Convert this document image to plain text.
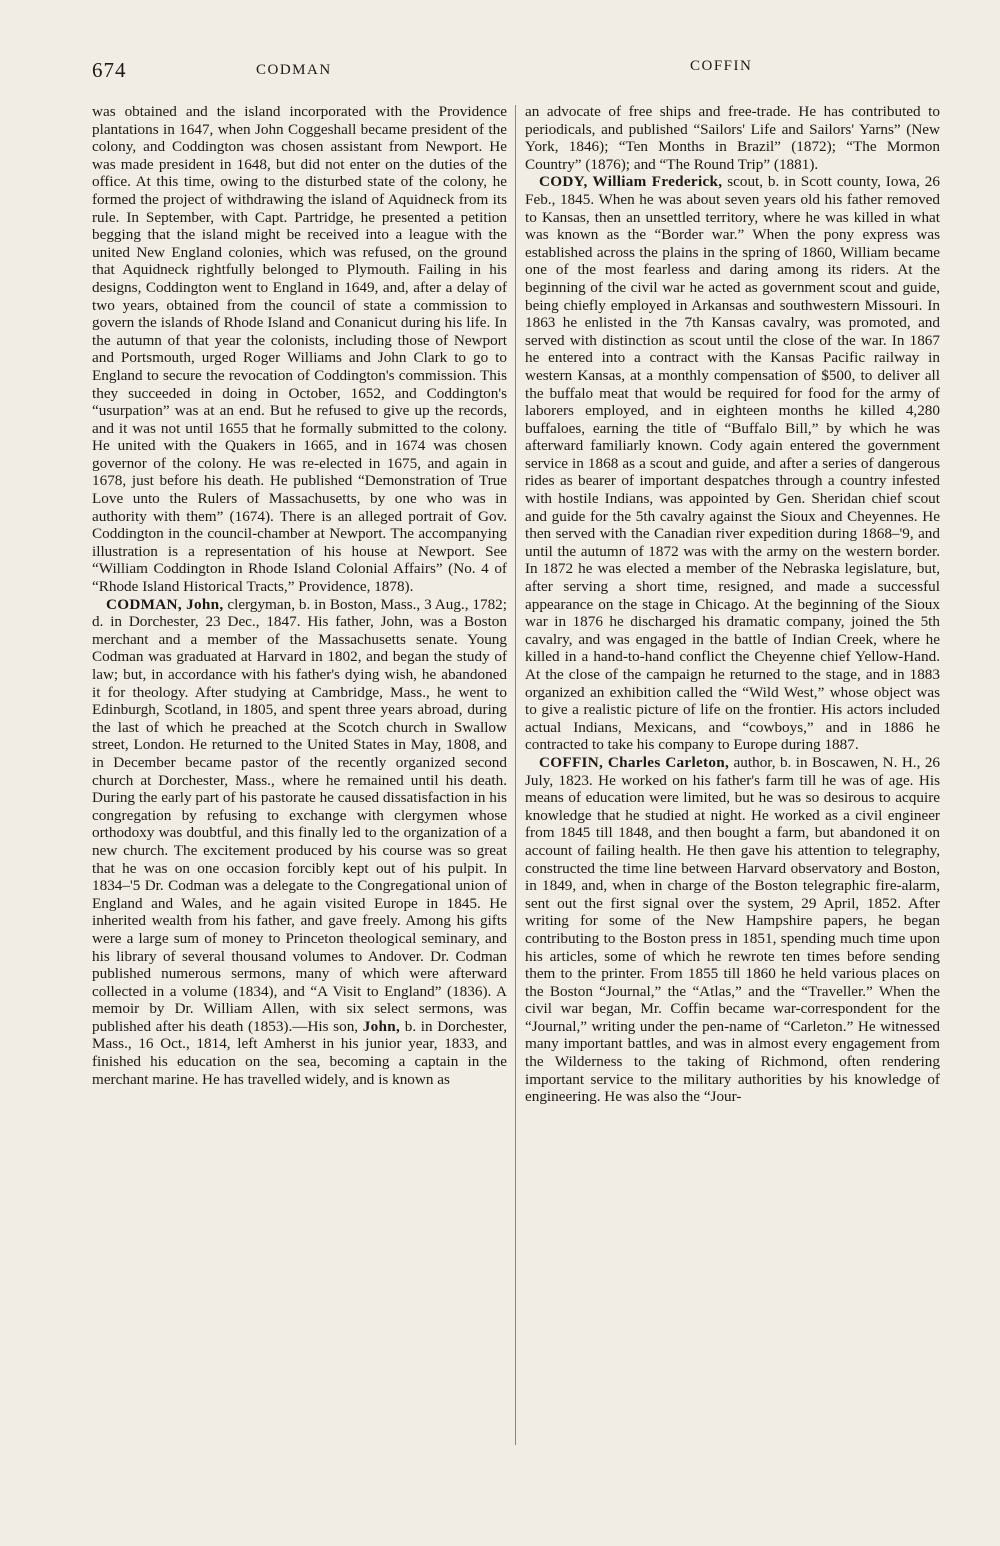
674	CODMAN	COFFIN

was obtained and the island incorporated with the Providence plantations in 1647, when John Coggeshall became president of the colony, and Coddington was chosen assistant from Newport. He was made president in 1648, but did not enter on the duties of the office. At this time, owing to the disturbed state of the colony, he formed the project of withdrawing the island of Aquidneck from its rule. In September, with Capt. Partridge, he presented a petition begging that the island might be received into a league with the united New England colonies, which was refused, on the ground that Aquidneck rightfully belonged to Plymouth. Failing in his designs, Coddington went to England in 1649, and, after a delay of two years, obtained from the council of state a commission to govern the islands of Rhode Island and Conanicut during his life. In the autumn of that year the colonists, including those of Newport and Portsmouth, urged Roger Williams and John Clark to go to England to secure the revocation of Coddington's commission. This they succeeded in doing in October, 1652, and Coddington's “usurpation” was at an end. But he refused to give up the records, and it was not until 1655 that he formally submitted to the colony. He united with the Quakers in 1665, and in 1674 was chosen governor of the colony. He was re-elected in 1675, and again in 1678, just before his death. He published “Demonstration of True Love unto the Rulers of Massachusetts, by one who was in authority with them” (1674). There is an alleged portrait of Gov. Coddington in the council-chamber at Newport. The accompanying illustration is a representation of his house at Newport. See “William Coddington in Rhode Island Colonial Affairs” (No. 4 of “Rhode Island Historical Tracts,” Providence, 1878).

CODMAN, John, clergyman, b. in Boston, Mass., 3 Aug., 1782; d. in Dorchester, 23 Dec., 1847. His father, John, was a Boston merchant and a member of the Massachusetts senate. Young Codman was graduated at Harvard in 1802, and began the study of law; but, in accordance with his father's dying wish, he abandoned it for theology. After studying at Cambridge, Mass., he went to Edinburgh, Scotland, in 1805, and spent three years abroad, during the last of which he preached at the Scotch church in Swallow street, London. He returned to the United States in May, 1808, and in December became pastor of the recently organized second church at Dorchester, Mass., where he remained until his death. During the early part of his pastorate he caused dissatisfaction in his congregation by refusing to exchange with clergymen whose orthodoxy was doubtful, and this finally led to the organization of a new church. The excitement produced by his course was so great that he was on one occasion forcibly kept out of his pulpit. In 1834–'5 Dr. Codman was a delegate to the Congregational union of England and Wales, and he again visited Europe in 1845. He inherited wealth from his father, and gave freely. Among his gifts were a large sum of money to Princeton theological seminary, and his library of several thousand volumes to Andover. Dr. Codman published numerous sermons, many of which were afterward collected in a volume (1834), and “A Visit to England” (1836). A memoir by Dr. William Allen, with six select sermons, was published after his death (1853).—His son, John, b. in Dorchester, Mass., 16 Oct., 1814, left Amherst in his junior year, 1833, and finished his education on the sea, becoming a captain in the merchant marine. He has travelled widely, and is known as

an advocate of free ships and free-trade. He has contributed to periodicals, and published “Sailors' Life and Sailors' Yarns” (New York, 1846); “Ten Months in Brazil” (1872); “The Mormon Country” (1876); and “The Round Trip” (1881).

CODY, William Frederick, scout, b. in Scott county, Iowa, 26 Feb., 1845. When he was about seven years old his father removed to Kansas, then an unsettled territory, where he was killed in what was known as the “Border war.” When the pony express was established across the plains in the spring of 1860, William became one of the most fearless and daring among its riders. At the beginning of the civil war he acted as government scout and guide, being chiefly employed in Arkansas and southwestern Missouri. In 1863 he enlisted in the 7th Kansas cavalry, was promoted, and served with distinction as scout until the close of the war. In 1867 he entered into a contract with the Kansas Pacific railway in western Kansas, at a monthly compensation of $500, to deliver all the buffalo meat that would be required for food for the army of laborers employed, and in eighteen months he killed 4,280 buffaloes, earning the title of “Buffalo Bill,” by which he was afterward familiarly known. Cody again entered the government service in 1868 as a scout and guide, and after a series of dangerous rides as bearer of important despatches through a country infested with hostile Indians, was appointed by Gen. Sheridan chief scout and guide for the 5th cavalry against the Sioux and Cheyennes. He then served with the Canadian river expedition during 1868–'9, and until the autumn of 1872 was with the army on the western border. In 1872 he was elected a member of the Nebraska legislature, but, after serving a short time, resigned, and made a successful appearance on the stage in Chicago. At the beginning of the Sioux war in 1876 he discharged his dramatic company, joined the 5th cavalry, and was engaged in the battle of Indian Creek, where he killed in a hand-to-hand conflict the Cheyenne chief Yellow-Hand. At the close of the campaign he returned to the stage, and in 1883 organized an exhibition called the “Wild West,” whose object was to give a realistic picture of life on the frontier. His actors included actual Indians, Mexicans, and “cowboys,” and in 1886 he contracted to take his company to Europe during 1887.

COFFIN, Charles Carleton, author, b. in Boscawen, N. H., 26 July, 1823. He worked on his father's farm till he was of age. His means of education were limited, but he was so desirous to acquire knowledge that he studied at night. He worked as a civil engineer from 1845 till 1848, and then bought a farm, but abandoned it on account of failing health. He then gave his attention to telegraphy, constructed the time line between Harvard observatory and Boston, in 1849, and, when in charge of the Boston telegraphic fire-alarm, sent out the first signal over the system, 29 April, 1852. After writing for some of the New Hampshire papers, he began contributing to the Boston press in 1851, spending much time upon his articles, some of which he rewrote ten times before sending them to the printer. From 1855 till 1860 he held various places on the Boston “Journal,” the “Atlas,” and the “Traveller.” When the civil war began, Mr. Coffin became war-correspondent for the “Journal,” writing under the pen-name of “Carleton.” He witnessed many important battles, and was in almost every engagement from the Wilderness to the taking of Richmond, often rendering important service to the military authorities by his knowledge of engineering. He was also the “Jour-
